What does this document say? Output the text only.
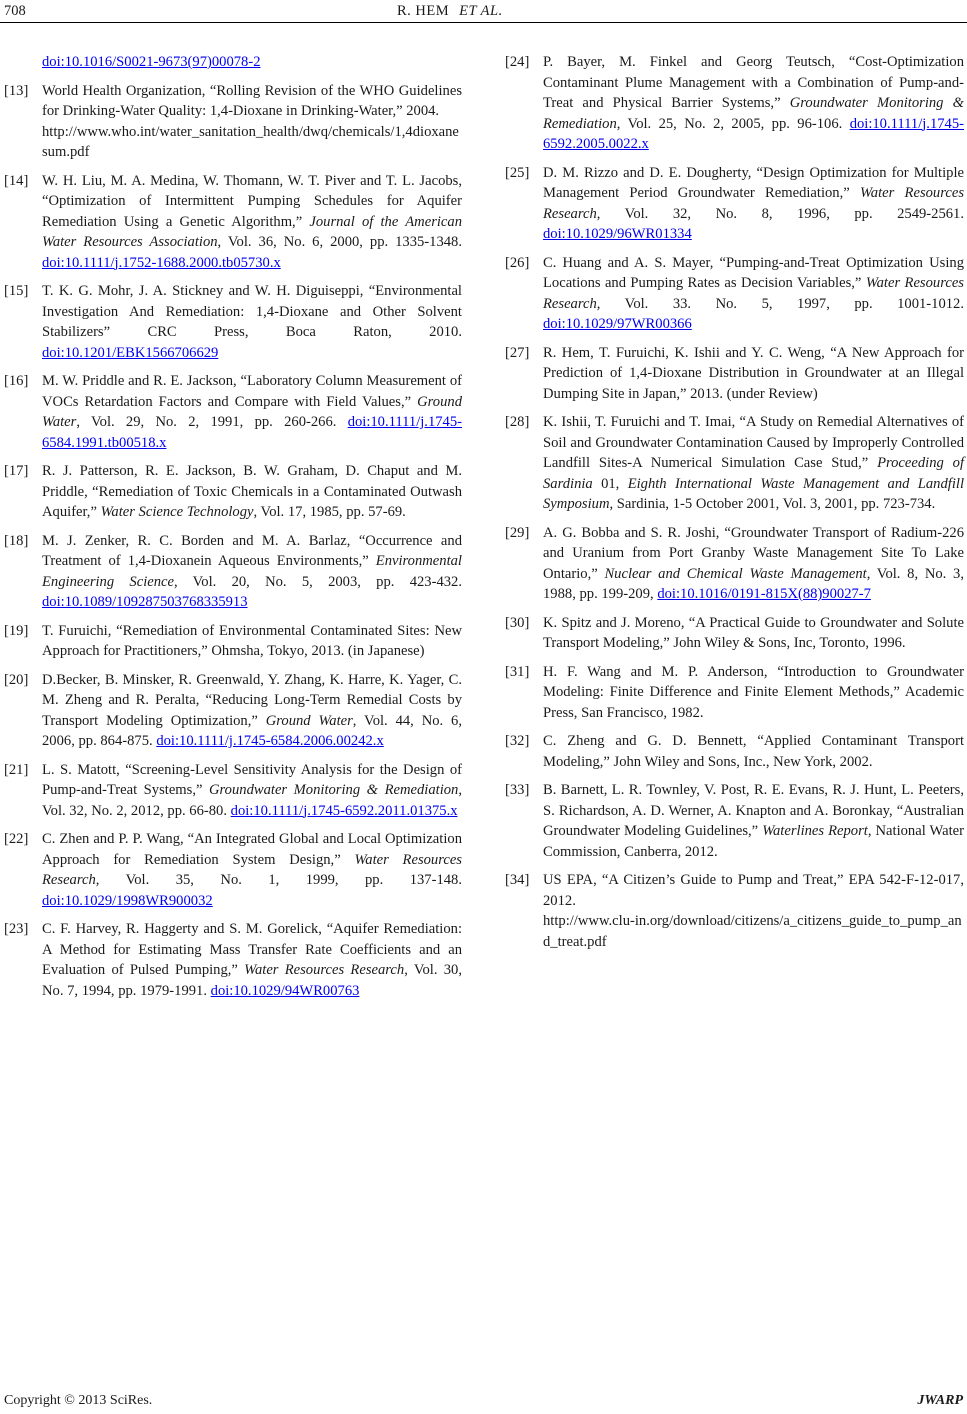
708	R. HEM ET AL.
doi:10.1016/S0021-9673(97)00078-2
[13] World Health Organization, “Rolling Revision of the WHO Guidelines for Drinking-Water Quality: 1,4-Dioxane in Drinking-Water,” 2004.
http://www.who.int/water_sanitation_health/dwq/chemicals/1,4dioxanesum.pdf
[14] W. H. Liu, M. A. Medina, W. Thomann, W. T. Piver and T. L. Jacobs, “Optimization of Intermittent Pumping Schedules for Aquifer Remediation Using a Genetic Algorithm,” Journal of the American Water Resources Association, Vol. 36, No. 6, 2000, pp. 1335-1348. doi:10.1111/j.1752-1688.2000.tb05730.x
[15] T. K. G. Mohr, J. A. Stickney and W. H. Diguiseppi, “Environmental Investigation And Remediation: 1,4-Dioxane and Other Solvent Stabilizers” CRC Press, Boca Raton, 2010. doi:10.1201/EBK1566706629
[16] M. W. Priddle and R. E. Jackson, “Laboratory Column Measurement of VOCs Retardation Factors and Compare with Field Values,” Ground Water, Vol. 29, No. 2, 1991, pp. 260-266. doi:10.1111/j.1745-6584.1991.tb00518.x
[17] R. J. Patterson, R. E. Jackson, B. W. Graham, D. Chaput and M. Priddle, “Remediation of Toxic Chemicals in a Contaminated Outwash Aquifer,” Water Science Technology, Vol. 17, 1985, pp. 57-69.
[18] M. J. Zenker, R. C. Borden and M. A. Barlaz, “Occurrence and Treatment of 1,4-Dioxanein Aqueous Environments,” Environmental Engineering Science, Vol. 20, No. 5, 2003, pp. 423-432. doi:10.1089/109287503768335913
[19] T. Furuichi, “Remediation of Environmental Contaminated Sites: New Approach for Practitioners,” Ohmsha, Tokyo, 2013. (in Japanese)
[20] D.Becker, B. Minsker, R. Greenwald, Y. Zhang, K. Harre, K. Yager, C. M. Zheng and R. Peralta, “Reducing Long-Term Remedial Costs by Transport Modeling Optimization,” Ground Water, Vol. 44, No. 6, 2006, pp. 864-875. doi:10.1111/j.1745-6584.2006.00242.x
[21] L. S. Matott, “Screening-Level Sensitivity Analysis for the Design of Pump-and-Treat Systems,” Groundwater Monitoring & Remediation, Vol. 32, No. 2, 2012, pp. 66-80. doi:10.1111/j.1745-6592.2011.01375.x
[22] C. Zhen and P. P. Wang, “An Integrated Global and Local Optimization Approach for Remediation System Design,” Water Resources Research, Vol. 35, No. 1, 1999, pp. 137-148. doi:10.1029/1998WR900032
[23] C. F. Harvey, R. Haggerty and S. M. Gorelick, “Aquifer Remediation: A Method for Estimating Mass Transfer Rate Coefficients and an Evaluation of Pulsed Pumping,” Water Resources Research, Vol. 30, No. 7, 1994, pp. 1979-1991. doi:10.1029/94WR00763
[24] P. Bayer, M. Finkel and Georg Teutsch, “Cost-Optimization Contaminant Plume Management with a Combination of Pump-and-Treat and Physical Barrier Systems,” Groundwater Monitoring & Remediation, Vol. 25, No. 2, 2005, pp. 96-106. doi:10.1111/j.1745-6592.2005.0022.x
[25] D. M. Rizzo and D. E. Dougherty, “Design Optimization for Multiple Management Period Groundwater Remediation,” Water Resources Research, Vol. 32, No. 8, 1996, pp. 2549-2561. doi:10.1029/96WR01334
[26] C. Huang and A. S. Mayer, “Pumping-and-Treat Optimization Using Locations and Pumping Rates as Decision Variables,” Water Resources Research, Vol. 33. No. 5, 1997, pp. 1001-1012. doi:10.1029/97WR00366
[27] R. Hem, T. Furuichi, K. Ishii and Y. C. Weng, “A New Approach for Prediction of 1,4-Dioxane Distribution in Groundwater at an Illegal Dumping Site in Japan,” 2013. (under Review)
[28] K. Ishii, T. Furuichi and T. Imai, “A Study on Remedial Alternatives of Soil and Groundwater Contamination Caused by Improperly Controlled Landfill Sites-A Numerical Simulation Case Stud,” Proceeding of Sardinia 01, Eighth International Waste Management and Landfill Symposium, Sardinia, 1-5 October 2001, Vol. 3, 2001, pp. 723-734.
[29] A. G. Bobba and S. R. Joshi, “Groundwater Transport of Radium-226 and Uranium from Port Granby Waste Management Site To Lake Ontario,” Nuclear and Chemical Waste Management, Vol. 8, No. 3, 1988, pp. 199-209, doi:10.1016/0191-815X(88)90027-7
[30] K. Spitz and J. Moreno, “A Practical Guide to Groundwater and Solute Transport Modeling,” John Wiley & Sons, Inc, Toronto, 1996.
[31] H. F. Wang and M. P. Anderson, “Introduction to Groundwater Modeling: Finite Difference and Finite Element Methods,” Academic Press, San Francisco, 1982.
[32] C. Zheng and G. D. Bennett, “Applied Contaminant Transport Modeling,” John Wiley and Sons, Inc., New York, 2002.
[33] B. Barnett, L. R. Townley, V. Post, R. E. Evans, R. J. Hunt, L. Peeters, S. Richardson, A. D. Werner, A. Knapton and A. Boronkay, “Australian Groundwater Modeling Guidelines,” Waterlines Report, National Water Commission, Canberra, 2012.
[34] US EPA, “A Citizen’s Guide to Pump and Treat,” EPA 542-F-12-017, 2012.
http://www.clu-in.org/download/citizens/a_citizens_guide_to_pump_and_treat.pdf
Copyright © 2013 SciRes.	JWARP
